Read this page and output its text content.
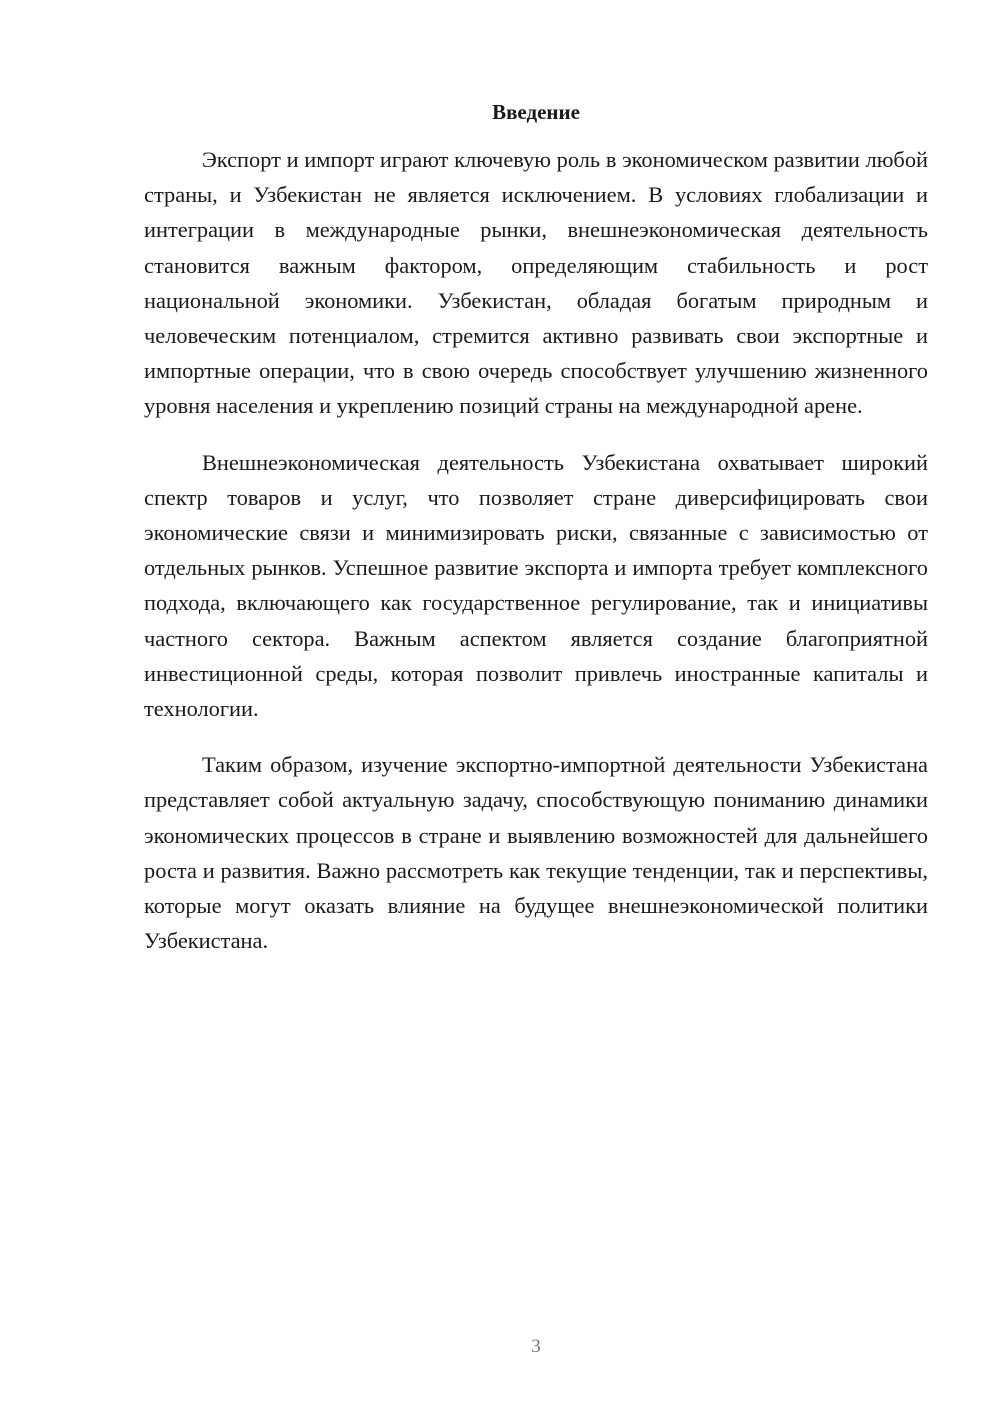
Введение

Экспорт и импорт играют ключевую роль в экономическом развитии любой страны, и Узбекистан не является исключением. В условиях глобализации и интеграции в международные рынки, внешнеэкономическая деятельность становится важным фактором, определяющим стабильность и рост национальной экономики. Узбекистан, обладая богатым природным и человеческим потенциалом, стремится активно развивать свои экспортные и импортные операции, что в свою очередь способствует улучшению жизненного уровня населения и укреплению позиций страны на международной арене.

Внешнеэкономическая деятельность Узбекистана охватывает широкий спектр товаров и услуг, что позволяет стране диверсифицировать свои экономические связи и минимизировать риски, связанные с зависимостью от отдельных рынков. Успешное развитие экспорта и импорта требует комплексного подхода, включающего как государственное регулирование, так и инициативы частного сектора. Важным аспектом является создание благоприятной инвестиционной среды, которая позволит привлечь иностранные капиталы и технологии.

Таким образом, изучение экспортно-импортной деятельности Узбекистана представляет собой актуальную задачу, способствующую пониманию динамики экономических процессов в стране и выявлению возможностей для дальнейшего роста и развития. Важно рассмотреть как текущие тенденции, так и перспективы, которые могут оказать влияние на будущее внешнеэкономической политики Узбекистана.

3
